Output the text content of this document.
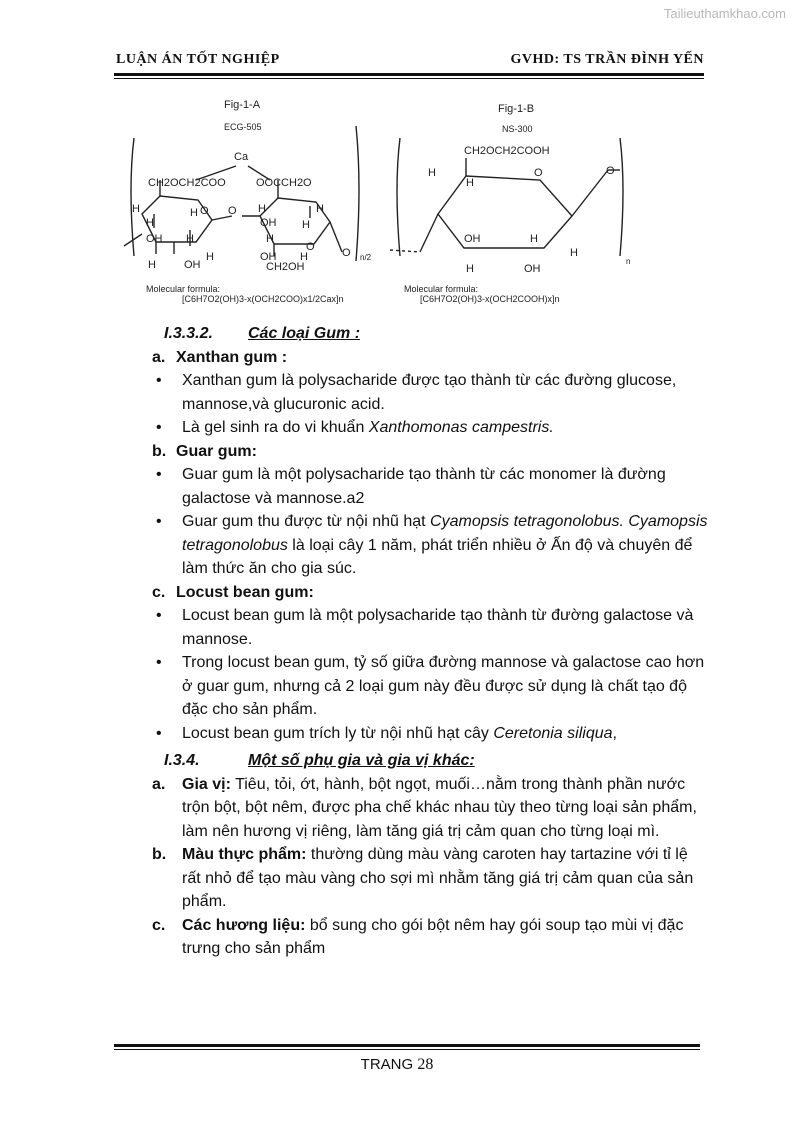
Tailieuthamkhao.com
LUẬN ÁN TỐT NGHIỆP	GVHD: TS TRẦN ĐÌNH YẾN
Fig-1-A
ECG-505
Ca
CH2OCH2COO	OOCCH2O
H	H O O
H
OH H
H
H	OH
H	H
OH
H
H
O
OH H
CH2OH
O n/2
Molecular formula:
[C6H7O2(OH)3-x(OCH2COO)x1/2Cax]n
Fig-1-B
NS-300
CH2OCH2COOH
H
H
O	O
OH	H
H	OH
H
n
Molecular formula:
[C6H7O2(OH)3-x(OCH2COOH)x]n
I.3.3.2. Các loại Gum :
a. Xanthan gum :
• Xanthan gum là polysacharide được tạo thành từ các đường glucose, mannose,và glucuronic acid.
• Là gel sinh ra do vi khuẩn Xanthomonas campestris.
b. Guar gum:
• Guar gum là một polysacharide tạo thành từ các monomer là đường galactose và mannose.a2
• Guar gum thu được từ nội nhũ hạt Cyamopsis tetragonolobus. Cyamopsis tetragonolobus là loại cây 1 năm, phát triển nhiều ở Ấn độ và chuyên để làm thức ăn cho gia súc.
c. Locust bean gum:
• Locust bean gum là một polysacharide tạo thành từ đường galactose và mannose.
• Trong locust bean gum, tỷ số giữa đường mannose và galactose cao hơn ở guar gum, nhưng cả 2 loại gum này đều được sử dụng là chất tạo độ đặc cho sản phẩm.
• Locust bean gum trích ly từ nội nhũ hạt cây Ceretonia siliqua,
I.3.4.	Một số phụ gia và gia vị khác:
a. Gia vị: Tiêu, tỏi, ớt, hành, bột ngọt, muối…nằm trong thành phần nước trộn bột, bột nêm, được pha chế khác nhau tùy theo từng loại sản phẩm, làm nên hương vị riêng, làm tăng giá trị cảm quan cho từng loại mì.
b. Màu thực phẩm: thường dùng màu vàng caroten hay tartazine với tỉ lệ rất nhỏ để tạo màu vàng cho sợi mì nhằm tăng giá trị cảm quan của sản phẩm.
c. Các hương liệu: bổ sung cho gói bột nêm hay gói soup tạo mùi vị đặc trưng cho sản phẩm
TRANG 28
